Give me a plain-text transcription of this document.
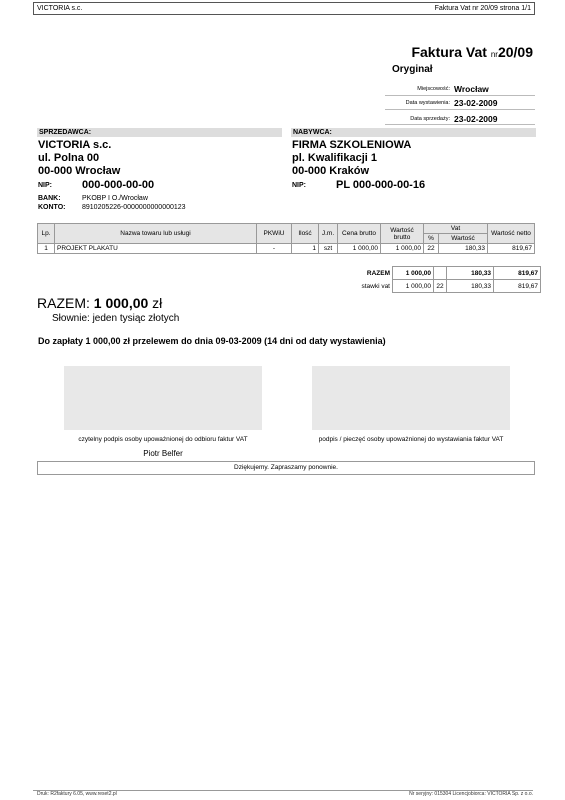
VICTORIA s.c.	Faktura Vat nr 20/09 strona 1/1
Faktura Vat nr20/09
Oryginał
Miejscowość: Wrocław
Data wystawienia: 23-02-2009
Data sprzedaży: 23-02-2009
SPRZEDAWCA:
VICTORIA s.c.
ul. Polna 00
00-000 Wrocław
NIP:	000-000-00-00
BANK:	PKOBP I O./Wrocław
KONTO: 8910205226-0000000000000123
NABYWCA:
FIRMA SZKOLENIOWA
pl. Kwalifikacji 1
00-000 Kraków
NIP:	PL 000-000-00-16
Lp.	Nazwa towaru lub usługi	PKWiU	Ilość	J.m.	Cena brutto	Wartość brutto	Vat		Wartość netto
							%	Wartość	
1	PROJEKT PLAKATU	-	1	szt	1 000,00	1 000,00	22	180,33	819,67
RAZEM	1 000,00		180,33	819,67
stawki vat	1 000,00	22	180,33	819,67
RAZEM: 1 000,00 zł
Słownie: jeden tysiąc złotych
Do zapłaty 1 000,00 zł przelewem do dnia 09-03-2009 (14 dni od daty wystawienia)
czytelny podpis osoby upoważnionej do odbioru faktur VAT	podpis / pieczęć osoby upoważnionej do wystawiania faktur VAT
Piotr Belfer
Dziękujemy. Zapraszamy ponownie.
Druk: R2faktury 6.05, www.reset2.pl	Nr seryjny: 015304 Licencjobiorca: VICTORIA Sp. z o.o.
